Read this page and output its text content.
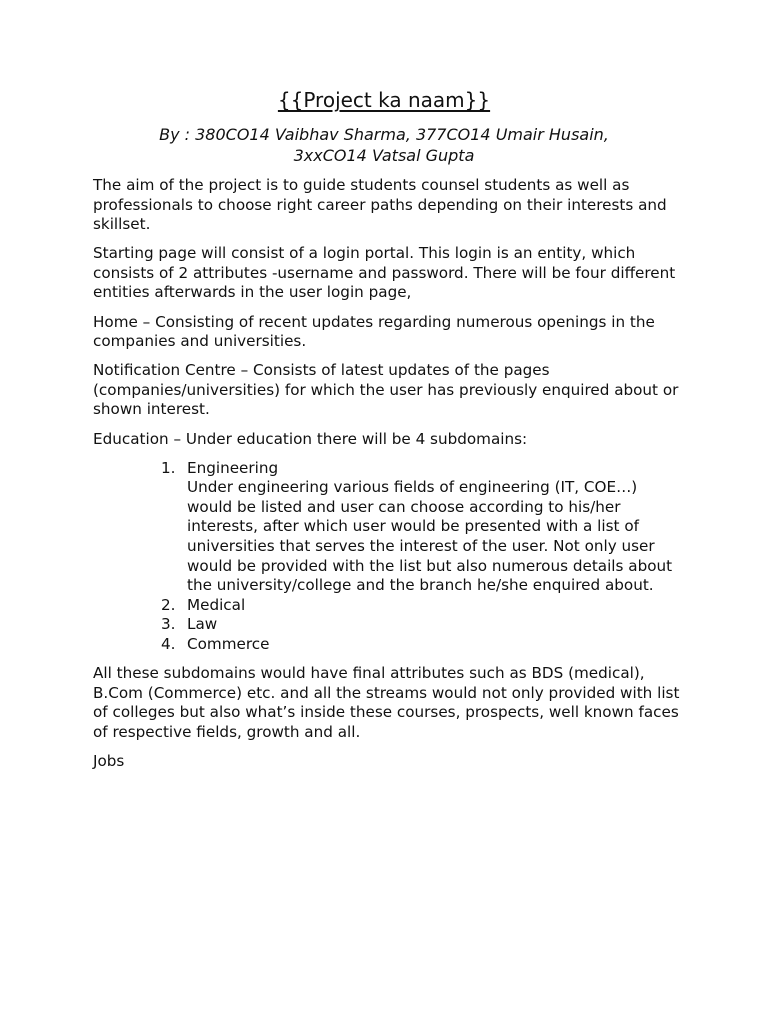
{{Project ka naam}}

By : 380CO14 Vaibhav Sharma, 377CO14 Umair Husain,
3xxCO14 Vatsal Gupta

The aim of the project is to guide students counsel students as well as professionals to choose right career paths depending on their interests and skillset.

Starting page will consist of a login portal. This login is an entity, which consists of 2 attributes -username and password. There will be four different entities afterwards in the user login page,

Home – Consisting of recent updates regarding numerous openings in the companies and universities.

Notification Centre – Consists of latest updates of the pages (companies/universities) for which the user has previously enquired about or shown interest.

Education – Under education there will be 4 subdomains:

1. Engineering
Under engineering various fields of engineering (IT, COE…) would be listed and user can choose according to his/her interests, after which user would be presented with a list of universities that serves the interest of the user. Not only user would be provided with the list but also numerous details about the university/college and the branch he/she enquired about.
2. Medical
3. Law
4. Commerce

All these subdomains would have final attributes such as BDS (medical), B.Com (Commerce) etc. and all the streams would not only provided with list of colleges but also what’s inside these courses, prospects, well known faces of respective fields, growth and all.

Jobs
